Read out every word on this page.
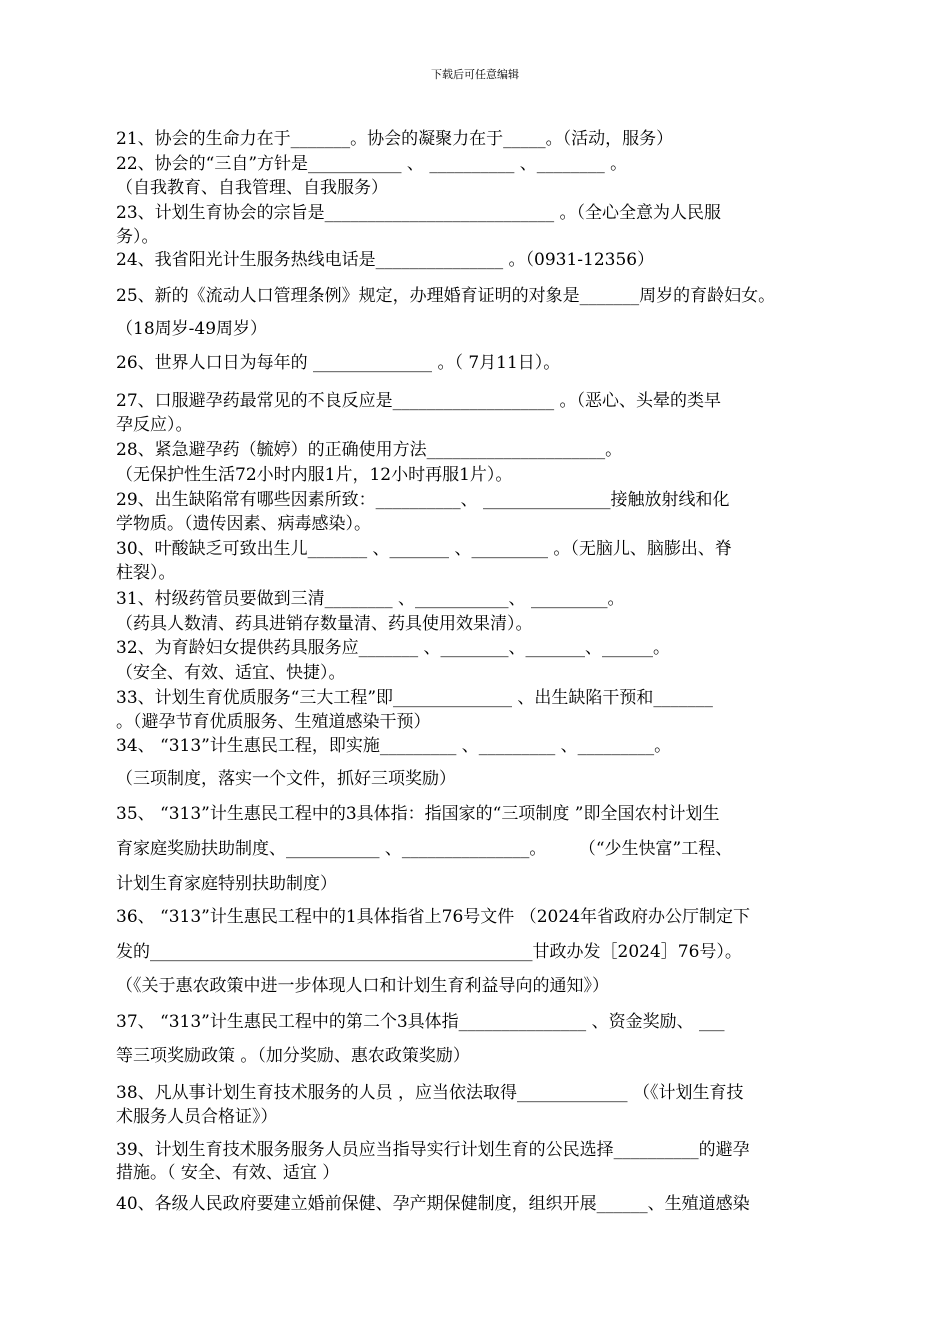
下载后可任意编辑
21、协会的生命力在于_______。协会的凝聚力在于_____。（活动，服务）
22、协会的“三自”方针是___________ 、 __________ 、________ 。
（自我教育、自我管理、自我服务）
23、计划生育协会的宗旨是___________________________ 。（全心全意为人民服
务）。
24、我省阳光计生服务热线电话是_______________ 。（0931-12356）
25、新的《流动人口管理条例》规定，办理婚育证明的对象是_______周岁的育龄妇女。
（18周岁-49周岁）
26、世界人口日为每年的 ______________ 。（ 7月11日）。
27、口服避孕药最常见的不良反应是___________________ 。（恶心、头晕的类早
孕反应）。
28、紧急避孕药（毓婷）的正确使用方法_____________________。
（无保护性生活72小时内服1片，12小时再服1片）。
29、出生缺陷常有哪些因素所致：__________、 _______________接触放射线和化
学物质。（遗传因素、病毒感染）。
30、叶酸缺乏可致出生儿_______ 、_______ 、_________ 。（无脑儿、脑膨出、脊
柱裂）。
31、村级药管员要做到三清________ 、___________、 _________。
（药具人数清、药具进销存数量清、药具使用效果清）。
32、为育龄妇女提供药具服务应_______ 、________、_______、______。
（安全、有效、适宜、快捷）。
33、计划生育优质服务“三大工程”即______________ 、出生缺陷干预和_______
。（避孕节育优质服务、生殖道感染干预）
34、 “313”计生惠民工程，即实施_________ 、_________ 、_________。
（三项制度，落实一个文件，抓好三项奖励）
35、 “313”计生惠民工程中的3具体指：指国家的“三项制度 ”即全国农村计划生
育家庭奖励扶助制度、___________ 、_______________。      （“少生快富”工程、
计划生育家庭特别扶助制度）
36、 “313”计生惠民工程中的1具体指省上76号文件 （2024年省政府办公厅制定下
发的_____________________________________________甘政办发［2024］76号）。
（《关于惠农政策中进一步体现人口和计划生育利益导向的通知》）
37、 “313”计生惠民工程中的第二个3具体指_______________ 、资金奖励、 ___
等三项奖励政策 。（加分奖励、惠农政策奖励）
38、凡从事计划生育技术服务的人员 ，应当依法取得_____________ （《计划生育技
术服务人员合格证》）
39、计划生育技术服务服务人员应当指导实行计划生育的公民选择__________的避孕
措施。（ 安全、有效、适宜 ）
40、各级人民政府要建立婚前保健、孕产期保健制度，组织开展______、生殖道感染
